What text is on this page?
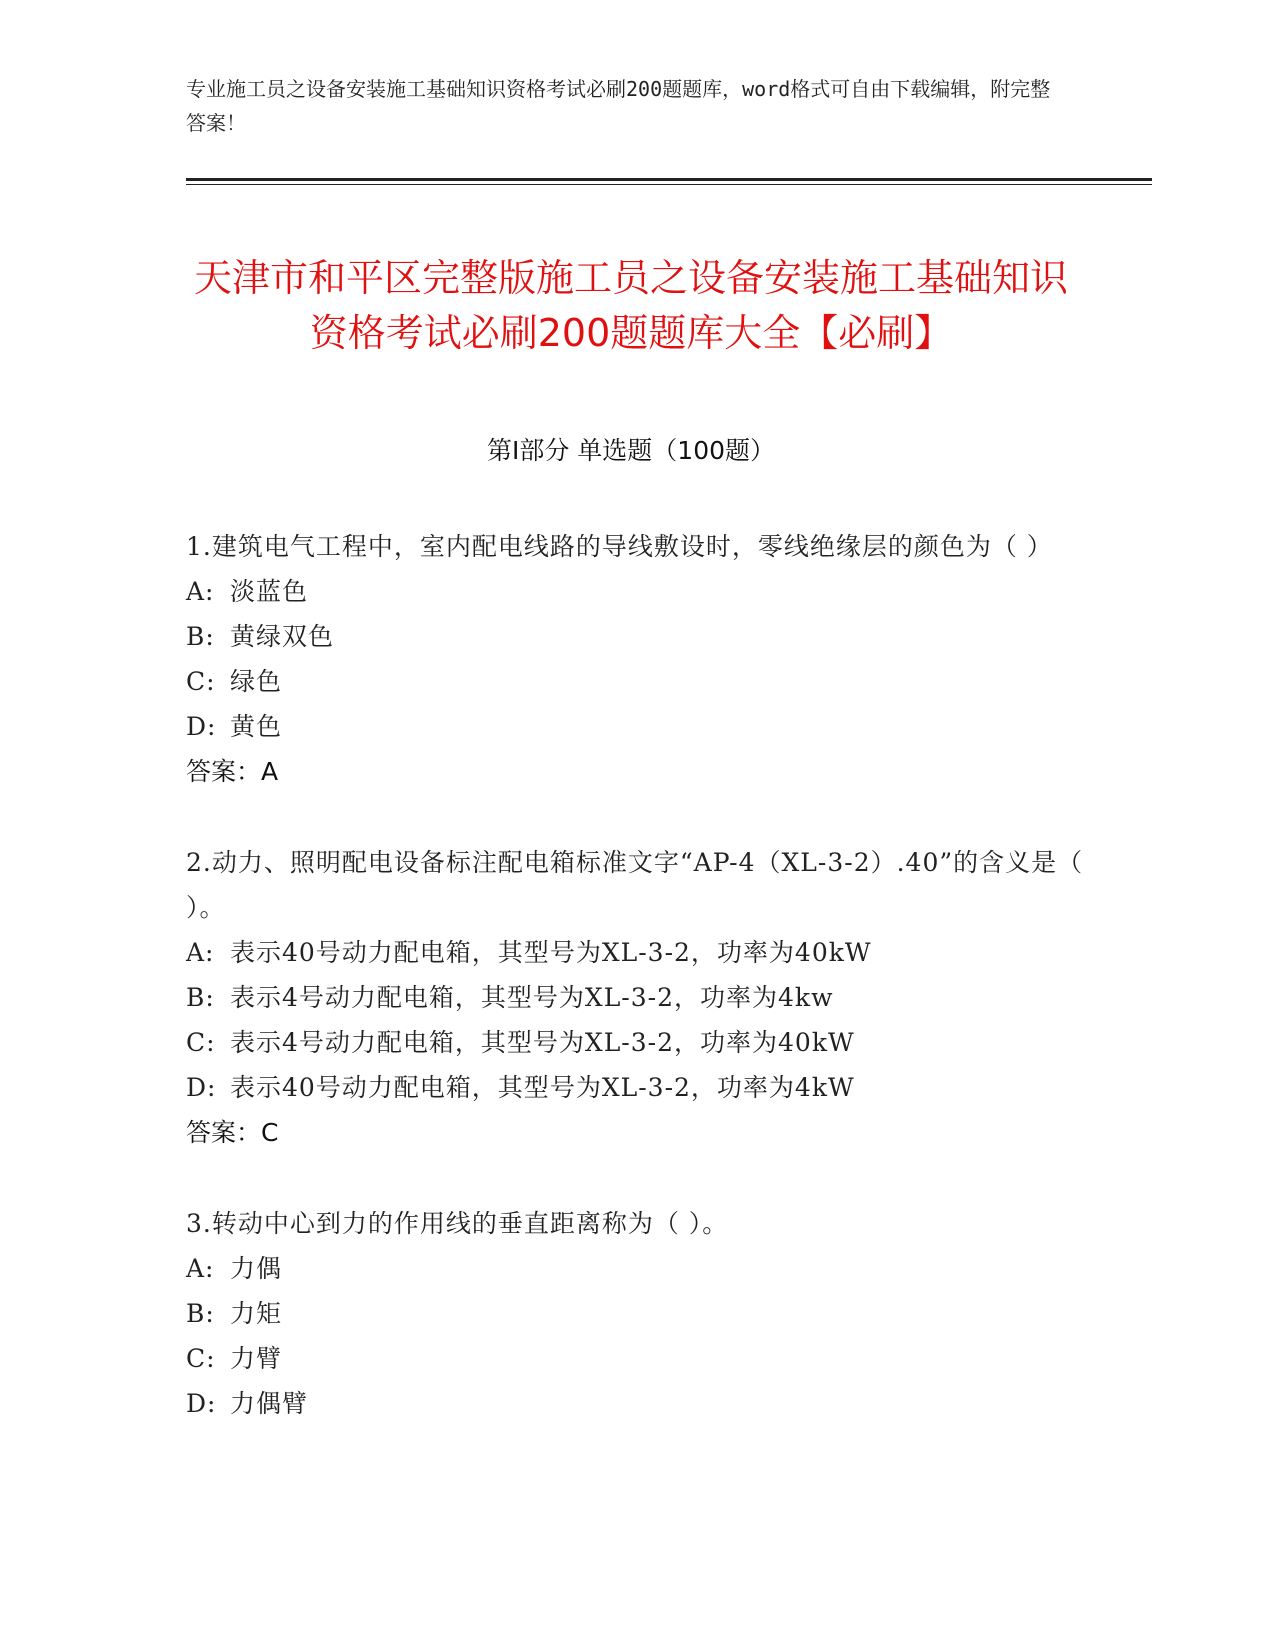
专业施工员之设备安装施工基础知识资格考试必刷200题题库，word格式可自由下载编辑，附完整答案！
天津市和平区完整版施工员之设备安装施工基础知识资格考试必刷200题题库大全【必刷】
第Ⅰ部分 单选题（100题）
1.建筑电气工程中，室内配电线路的导线敷设时，零线绝缘层的颜色为（ ）
A: 淡蓝色
B: 黄绿双色
C: 绿色
D: 黄色
答案：A
2.动力、照明配电设备标注配电箱标准文字“AP-4（XL-3-2）.40”的含义是（ ）。
A: 表示40号动力配电箱，其型号为XL-3-2，功率为40kW
B: 表示4号动力配电箱，其型号为XL-3-2，功率为4kw
C: 表示4号动力配电箱，其型号为XL-3-2，功率为40kW
D: 表示40号动力配电箱，其型号为XL-3-2，功率为4kW
答案：C
3.转动中心到力的作用线的垂直距离称为（ ）。
A: 力偶
B: 力矩
C: 力臂
D: 力偶臂
